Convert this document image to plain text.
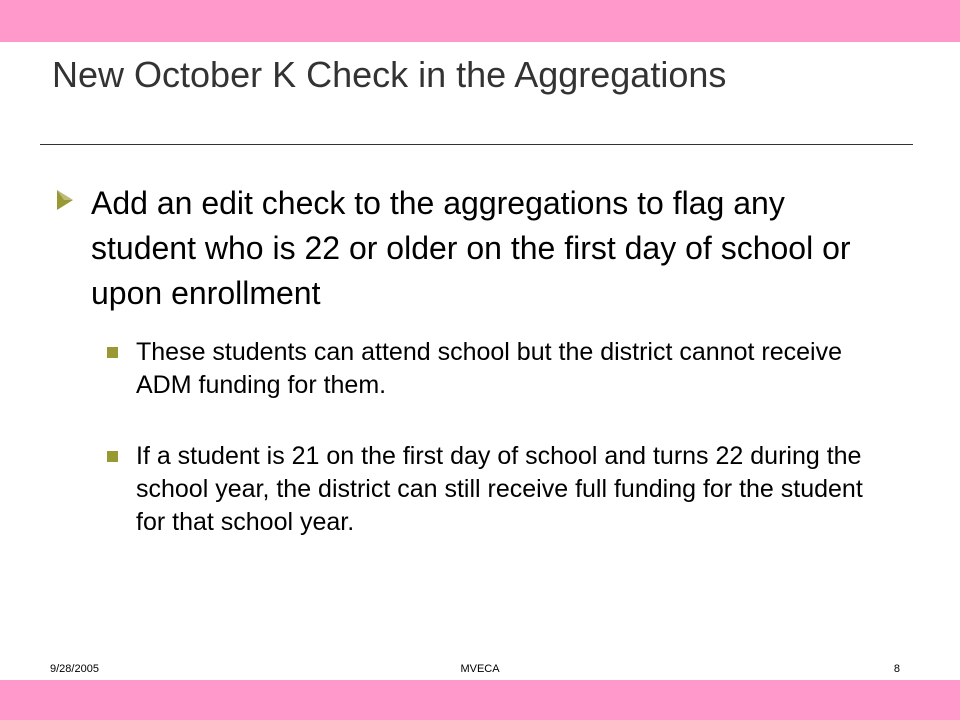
New October K Check in the Aggregations
Add an edit check to the aggregations to flag any student who is 22 or older on the first day of school or upon enrollment
These students can attend school but the district cannot receive ADM funding for them.
If a student is 21 on the first day of school and turns 22 during the school year, the district can still receive full funding for the student for that school year.
9/28/2005	MVECA	8
